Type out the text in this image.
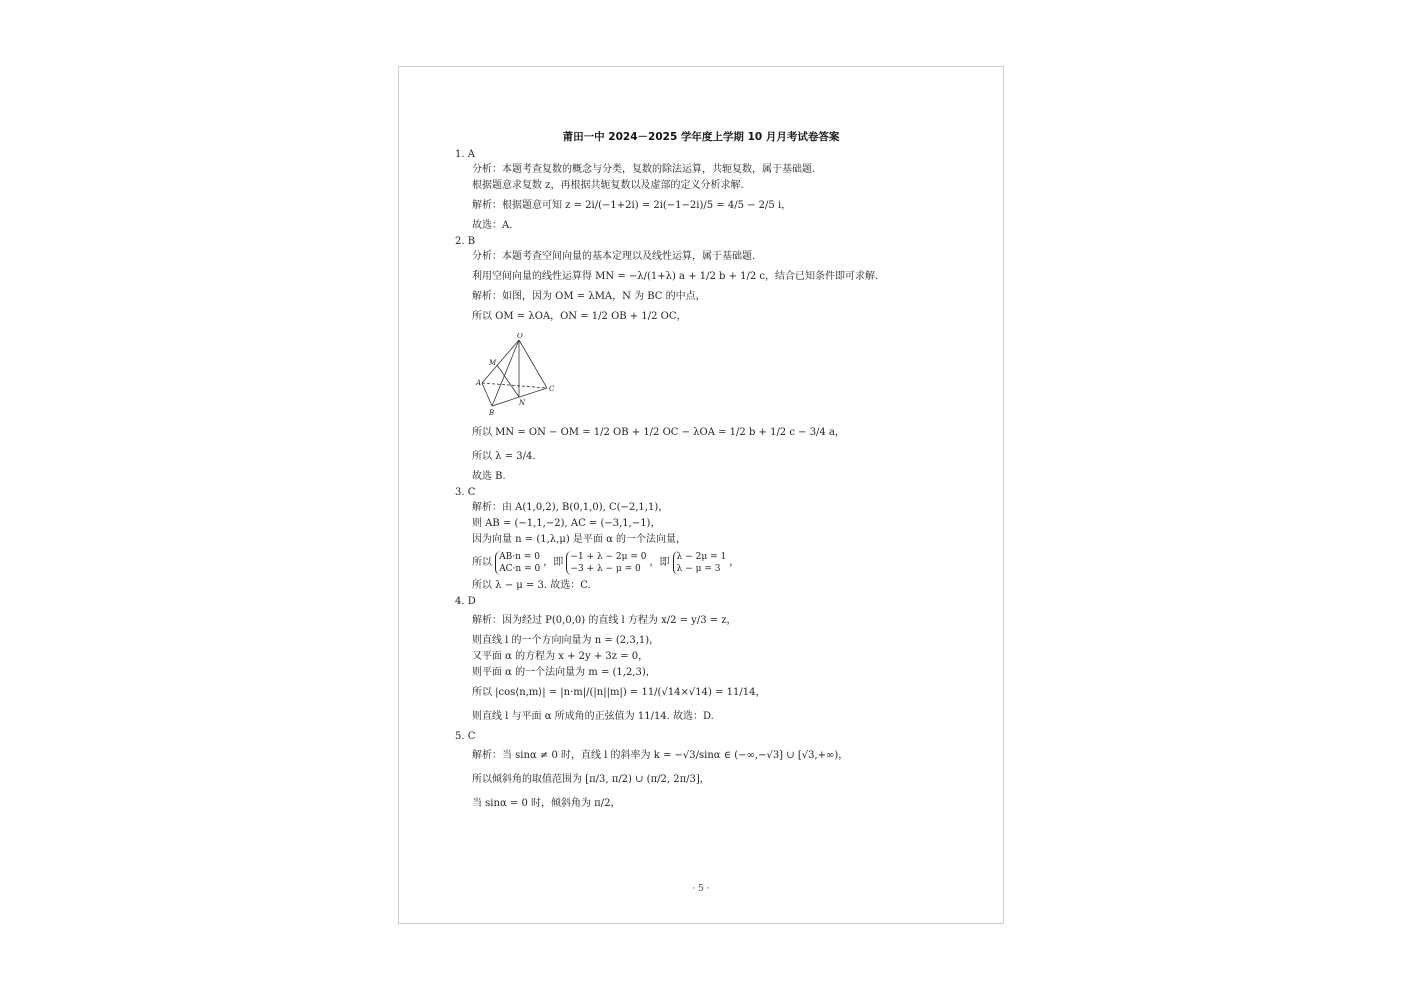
莆田一中 2024－2025 学年度上学期 10 月月考试卷答案

1. A

分析：本题考查复数的概念与分类，复数的除法运算，共轭复数，属于基础题.

根据题意求复数 z，再根据共轭复数以及虚部的定义分析求解.

解析：根据题意可知 z = 2i/(−1+2i) = 2i(−1−2i)/5 = 4/5 − 2/5 i，

故选：A.

2. B

分析：本题考查空间向量的基本定理以及线性运算，属于基础题.

利用空间向量的线性运算得 MN = −λ/(1+λ) a + 1/2 b + 1/2 c，结合已知条件即可求解.

解析：如图，因为 OM = λMA，N 为 BC 的中点，

所以 OM = λOA，ON = 1/2 OB + 1/2 OC，

O
M
A
B
N
C

所以 MN = ON − OM = 1/2 OB + 1/2 OC − λOA = 1/2 b + 1/2 c − 3/4 a，

所以 λ = 3/4.

故选 B.

3. C

解析：由 A(1,0,2), B(0,1,0), C(−2,1,1)，

则 AB = (−1,1,−2), AC = (−3,1,−1)，

因为向量 n = (1,λ,μ) 是平面 α 的一个法向量，

所以 AB·n = 0
AC·n = 0，即 −1 + λ − 2μ = 0
−3 + λ − μ = 0，即 λ − 2μ = 1
λ − μ = 3，

所以 λ − μ = 3. 故选：C.

4. D

解析：因为经过 P(0,0,0) 的直线 l 方程为 x/2 = y/3 = z，

则直线 l 的一个方向向量为 n = (2,3,1)，

又平面 α 的方程为 x + 2y + 3z = 0，

则平面 α 的一个法向量为 m = (1,2,3)，

所以 |cos⟨n,m⟩| = |n·m|/(|n||m|) = 11/(√14×√14) = 11/14，

则直线 l 与平面 α 所成角的正弦值为 11/14. 故选：D.

5. C

解析：当 sinα ≠ 0 时，直线 l 的斜率为 k = −√3/sinα ∈ (−∞,−√3] ∪ [√3,+∞)，

所以倾斜角的取值范围为 [π/3, π/2) ∪ (π/2, 2π/3]，

当 sinα = 0 时，倾斜角为 π/2，

· 5 ·
